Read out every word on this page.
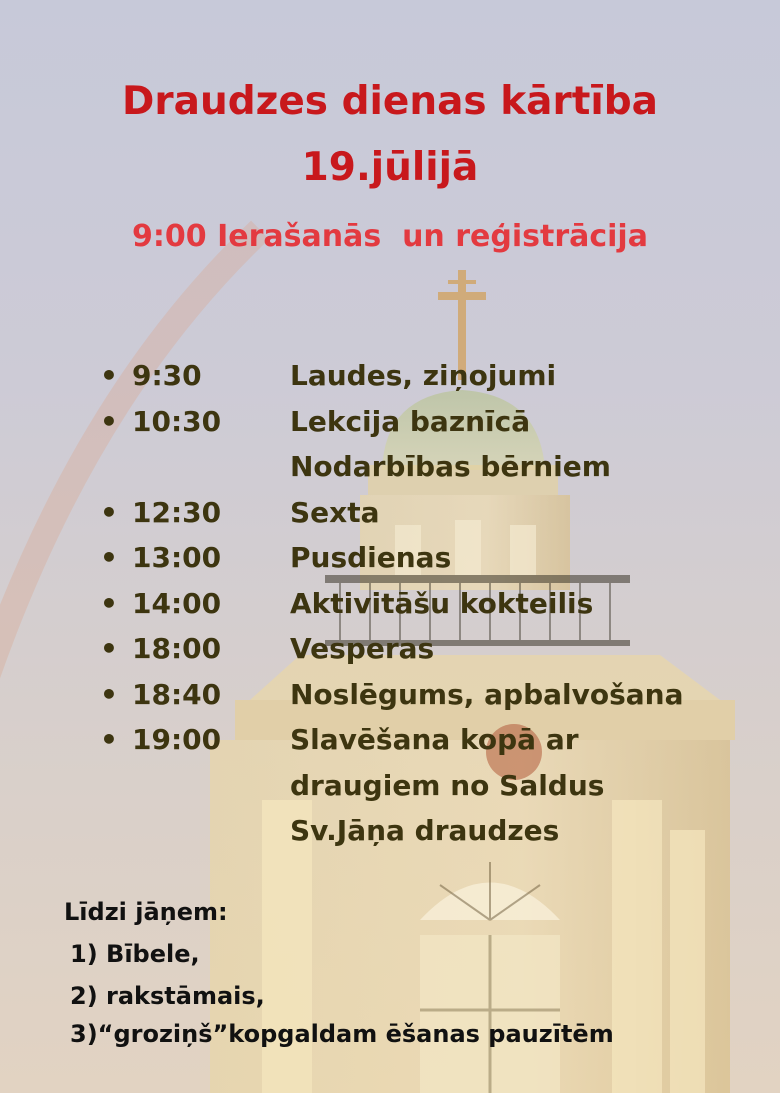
Draudzes dienas kārtība
19.jūlijā
9:00 Ierašanās  un reģistrācija
• 9:30	Laudes, ziņojumi
• 10:30 Lekcija baznīcā
Nodarbības bērniem
• 12:30 Sexta
• 13:00 Pusdienas
• 14:00 Aktivitāšu kokteilis
• 18:00 Vesperas
• 18:40 Noslēgums, apbalvošana
• 19:00 Slavēšana kopā ar
draugiem no Saldus
Sv.Jāņa draudzes
Līdzi jāņem:
1) Bībele,
2) rakstāmais,
3)“groziņš”kopgaldam ēšanas pauzītēm
